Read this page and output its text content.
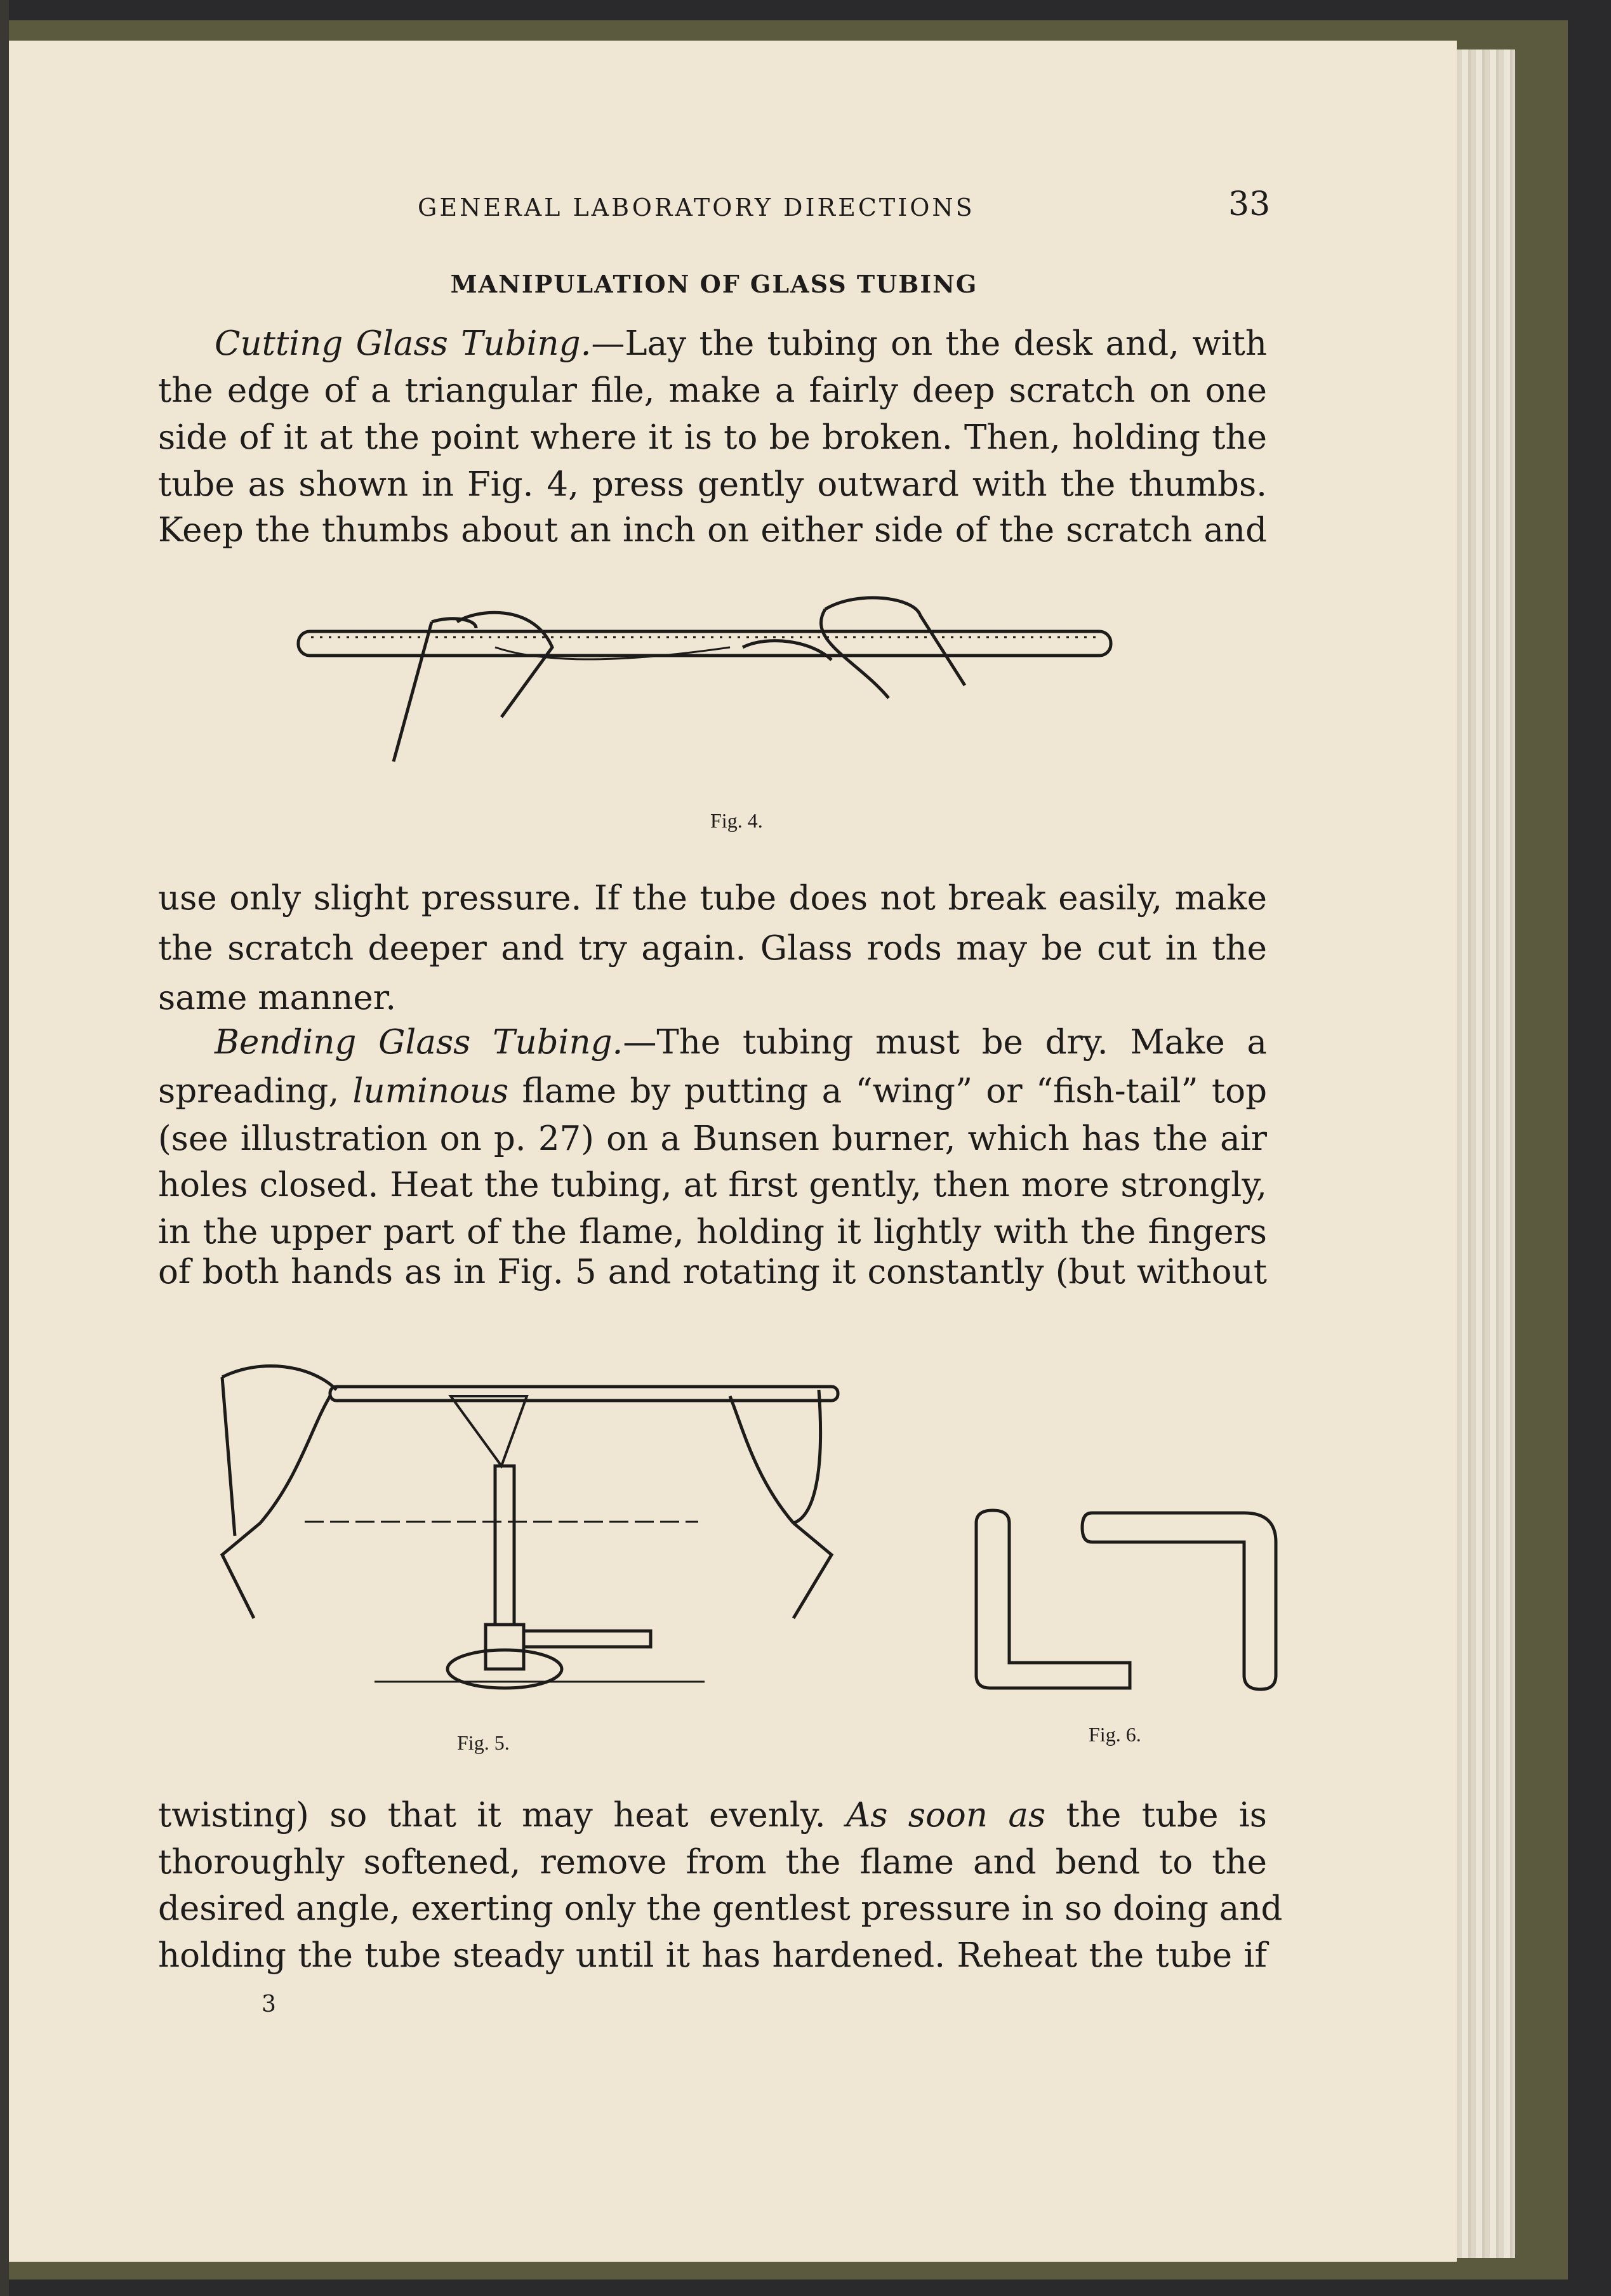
GENERAL LABORATORY DIRECTIONS	33
MANIPULATION OF GLASS TUBING
Cutting Glass Tubing.—Lay the tubing on the desk and, with
the edge of a triangular file, make a fairly deep scratch on one
side of it at the point where it is to be broken. Then, holding the
tube as shown in Fig. 4, press gently outward with the thumbs.
Keep the thumbs about an inch on either side of the scratch and
Fig. 4.
use only slight pressure. If the tube does not break easily, make
the scratch deeper and try again. Glass rods may be cut in the
same manner.
Bending Glass Tubing.—The tubing must be dry. Make a
spreading, luminous flame by putting a “wing” or “fish-tail” top
(see illustration on p. 27) on a Bunsen burner, which has the air
holes closed. Heat the tubing, at first gently, then more strongly,
in the upper part of the flame, holding it lightly with the fingers
of both hands as in Fig. 5 and rotating it constantly (but without
Fig. 5.	Fig. 6.
twisting) so that it may heat evenly. As soon as the tube is
thoroughly softened, remove from the flame and bend to the
desired angle, exerting only the gentlest pressure in so doing and
holding the tube steady until it has hardened. Reheat the tube if
3
